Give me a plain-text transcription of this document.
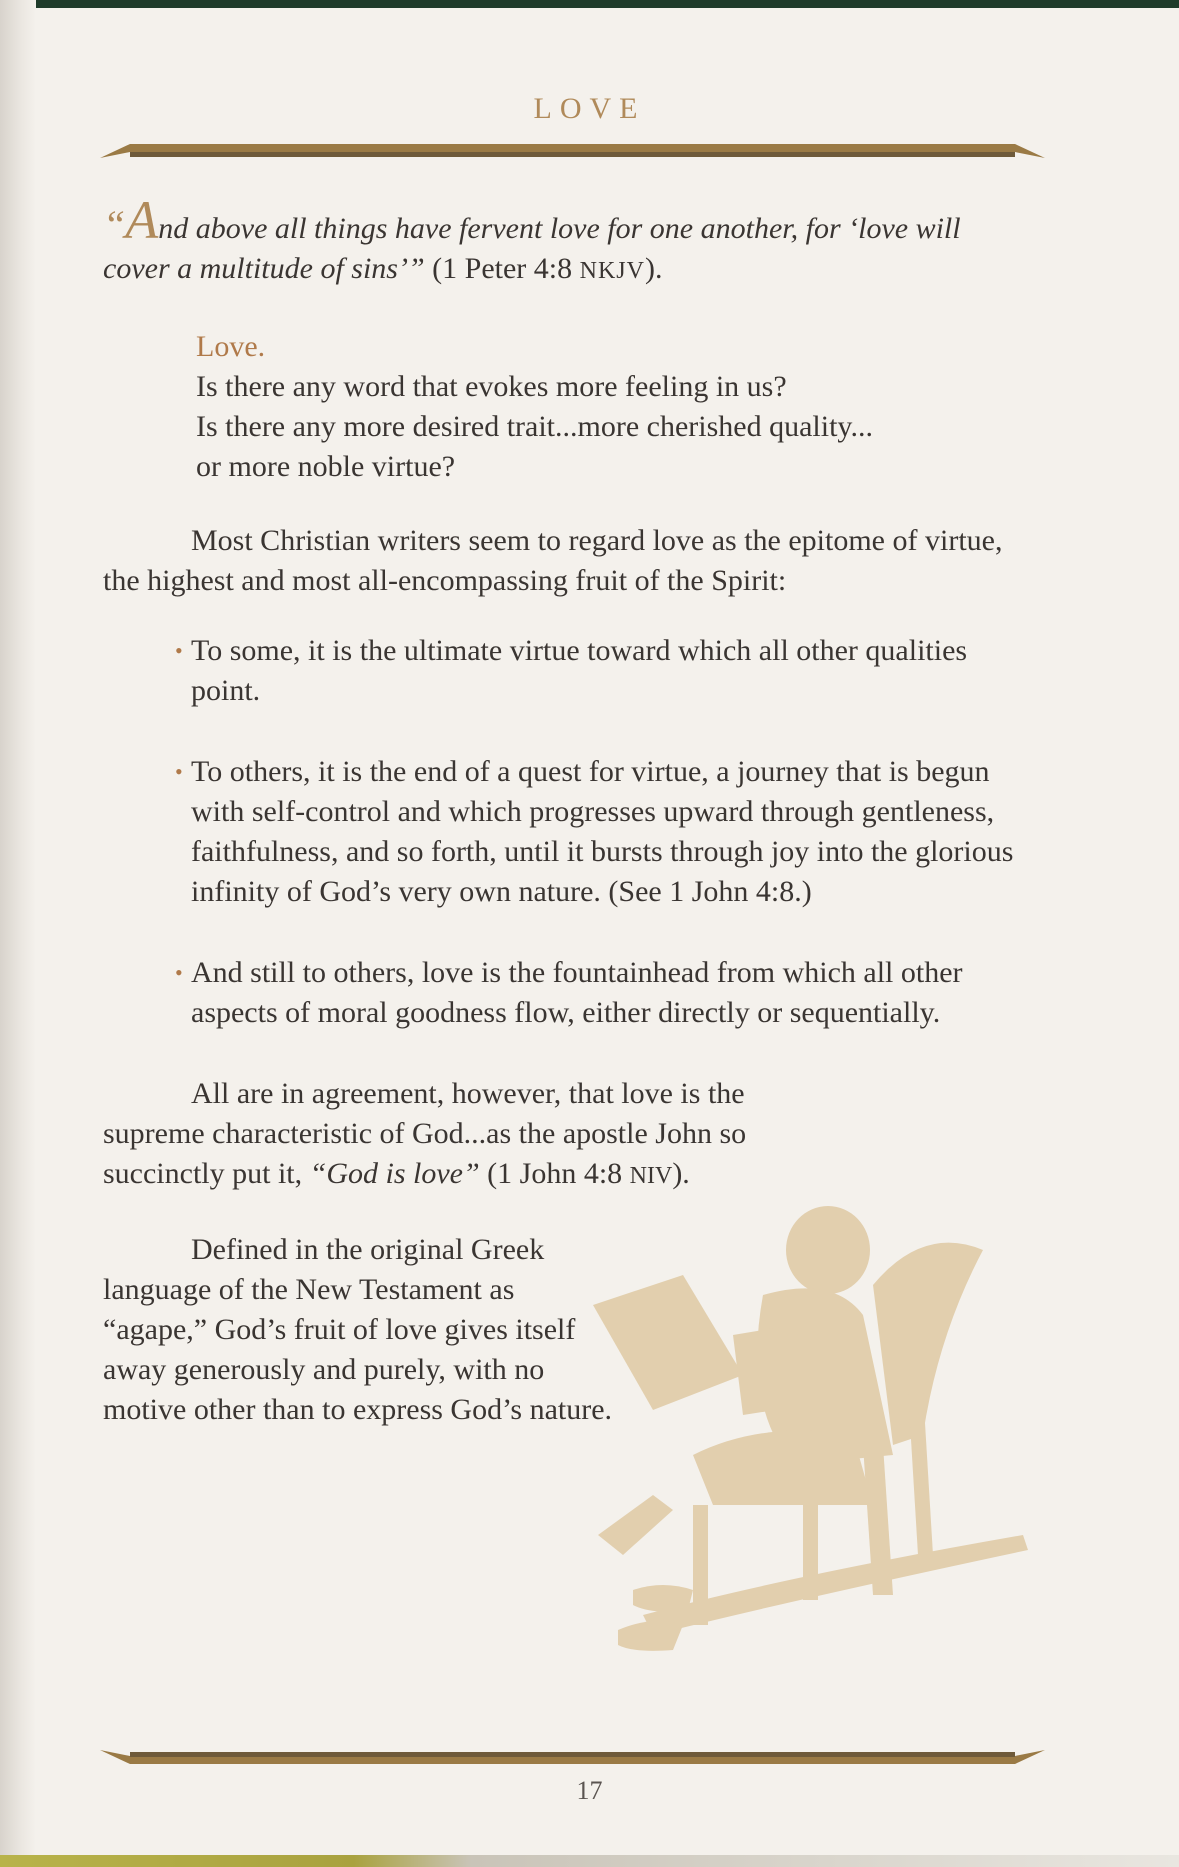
LOVE

“And above all things have fervent love for one another, for ‘love will cover a multitude of sins’” (1 Peter 4:8 NKJV).

Love.
Is there any word that evokes more feeling in us?
Is there any more desired trait...more cherished quality...
or more noble virtue?

Most Christian writers seem to regard love as the epitome of virtue, the highest and most all-encompassing fruit of the Spirit:

• To some, it is the ultimate virtue toward which all other qualities point.
• To others, it is the end of a quest for virtue, a journey that is begun with self-control and which progresses upward through gentleness, faithfulness, and so forth, until it bursts through joy into the glorious infinity of God’s very own nature. (See 1 John 4:8.)
• And still to others, love is the fountainhead from which all other aspects of moral goodness flow, either directly or sequentially.

All are in agreement, however, that love is the supreme characteristic of God...as the apostle John so succinctly put it, “God is love” (1 John 4:8 NIV).

Defined in the original Greek language of the New Testament as “agape,” God’s fruit of love gives itself away generously and purely, with no motive other than to express God’s nature.

17
